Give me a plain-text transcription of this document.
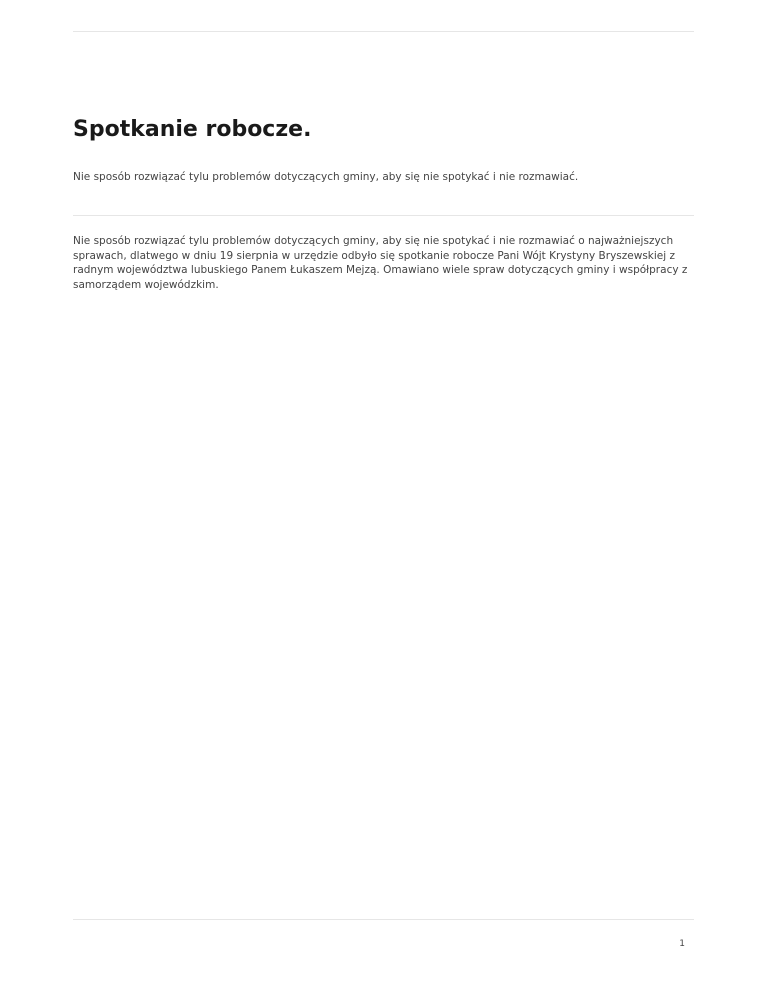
Spotkanie robocze.

Nie sposób rozwiązać tylu problemów dotyczących gminy, aby się nie spotykać i nie rozmawiać.

Nie sposób rozwiązać tylu problemów dotyczących gminy, aby się nie spotykać i nie rozmawiać o najważniejszych sprawach, dlatwego w dniu 19 sierpnia w urzędzie odbyło się spotkanie robocze Pani Wójt Krystyny Bryszewskiej z radnym województwa lubuskiego Panem Łukaszem Mejzą. Omawiano wiele spraw dotyczących gminy i współpracy z samorządem wojewódzkim.

1
